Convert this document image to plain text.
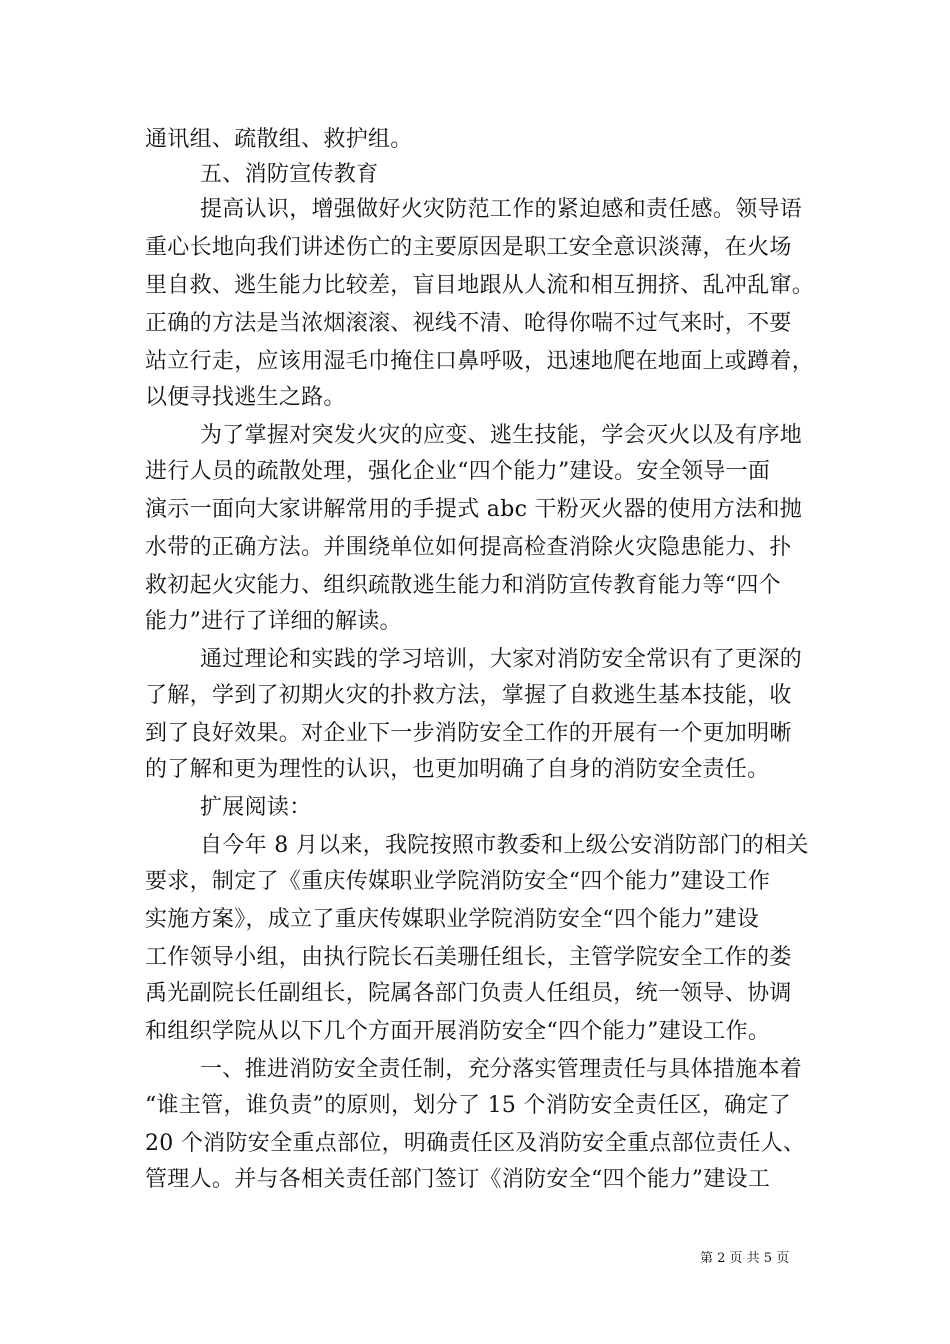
通讯组、疏散组、救护组。
五、消防宣传教育
提高认识，增强做好火灾防范工作的紧迫感和责任感。领导语
重心长地向我们讲述伤亡的主要原因是职工安全意识淡薄，在火场
里自救、逃生能力比较差，盲目地跟从人流和相互拥挤、乱冲乱窜。
正确的方法是当浓烟滚滚、视线不清、呛得你喘不过气来时，不要
站立行走，应该用湿毛巾掩住口鼻呼吸，迅速地爬在地面上或蹲着，
以便寻找逃生之路。
为了掌握对突发火灾的应变、逃生技能，学会灭火以及有序地
进行人员的疏散处理，强化企业“四个能力”建设。安全领导一面
演示一面向大家讲解常用的手提式 abc 干粉灭火器的使用方法和抛
水带的正确方法。并围绕单位如何提高检查消除火灾隐患能力、扑
救初起火灾能力、组织疏散逃生能力和消防宣传教育能力等“四个
能力”进行了详细的解读。
通过理论和实践的学习培训，大家对消防安全常识有了更深的
了解，学到了初期火灾的扑救方法，掌握了自救逃生基本技能，收
到了良好效果。对企业下一步消防安全工作的开展有一个更加明晰
的了解和更为理性的认识，也更加明确了自身的消防安全责任。
扩展阅读：
自今年 8 月以来，我院按照市教委和上级公安消防部门的相关
要求，制定了《重庆传媒职业学院消防安全“四个能力”建设工作
实施方案》，成立了重庆传媒职业学院消防安全“四个能力”建设
工作领导小组，由执行院长石美珊任组长，主管学院安全工作的娄
禹光副院长任副组长，院属各部门负责人任组员，统一领导、协调
和组织学院从以下几个方面开展消防安全“四个能力”建设工作。
一、推进消防安全责任制，充分落实管理责任与具体措施本着
“谁主管，谁负责”的原则，划分了 15 个消防安全责任区，确定了
20 个消防安全重点部位，明确责任区及消防安全重点部位责任人、
管理人。并与各相关责任部门签订《消防安全“四个能力”建设工
第 2 页 共 5 页
